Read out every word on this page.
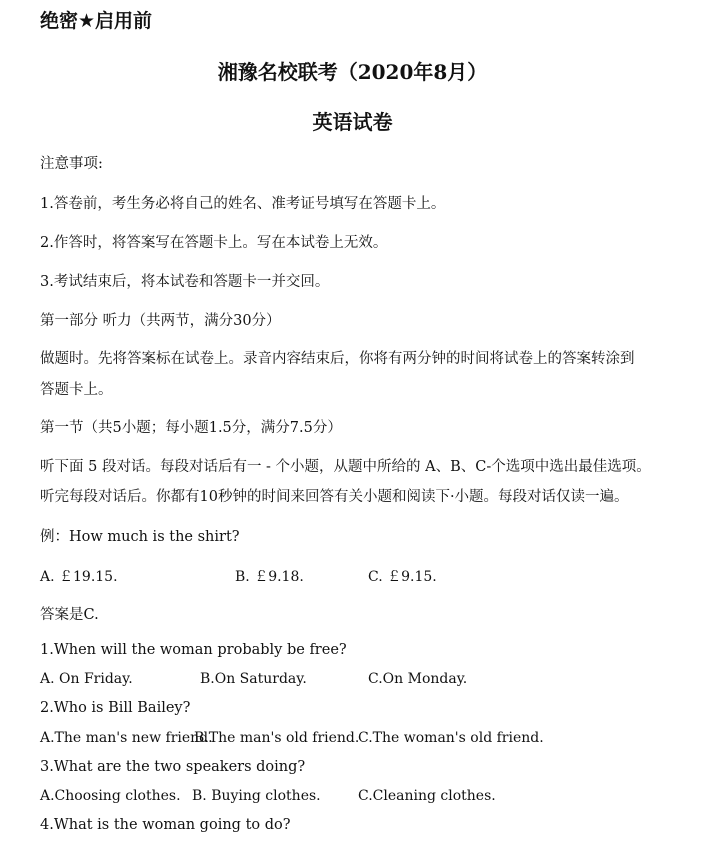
绝密★启用前

湘豫名校联考（2020年8月）

英语试卷

注意事项:

1.答卷前，考生务必将自己的姓名、准考证号填写在答题卡上。

2.作答时，将答案写在答题卡上。写在本试卷上无效。

3.考试结束后，将本试卷和答题卡一并交回。

第一部分 听力（共两节，满分30分）

做题时。先将答案标在试卷上。录音内容结束后，你将有两分钟的时间将试卷上的答案转涂到

答题卡上。

第一节（共5小题；每小题1.5分，满分7.5分）

听下面 5 段对话。每段对话后有一 - 个小题，从题中所给的 A、B、C-个选项中选出最佳选项。

听完每段对话后。你都有10秒钟的时间来回答有关小题和阅读下·小题。每段对话仅读一遍。

例：How much is the shirt?

A. ￡19.15.	B. ￡9.18.	C. ￡9.15.

答案是C.

1.When will the woman probably be free?

A. On Friday.	B.On Saturday.	C.On Monday.

2.Who is Bill Bailey?

A.The man's new friend.

B.The man's old friend.

C.The woman's old friend.

3.What are the two speakers doing?

A.Choosing clothes. B. Buying clothes.	C.Cleaning clothes.

4.What is the woman going to do?
